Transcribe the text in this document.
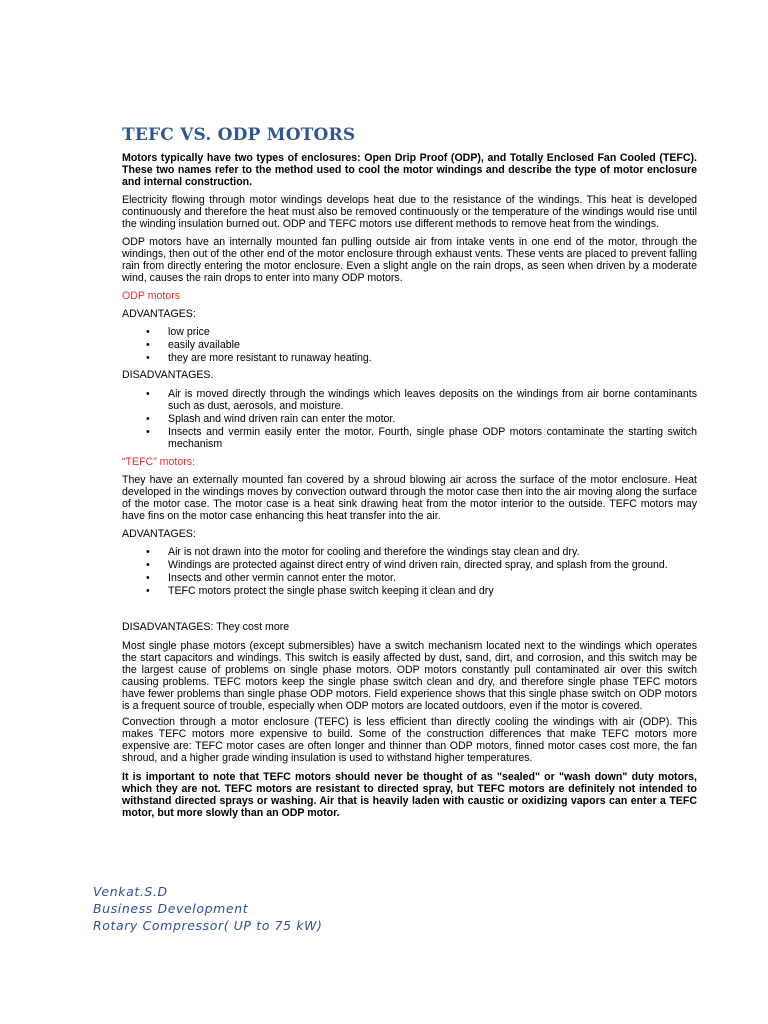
TEFC VS. ODP MOTORS

Motors typically have two types of enclosures: Open Drip Proof (ODP), and Totally Enclosed Fan Cooled (TEFC). These two names refer to the method used to cool the motor windings and describe the type of motor enclosure and internal construction.

Electricity flowing through motor windings develops heat due to the resistance of the windings. This heat is developed continuously and therefore the heat must also be removed continuously or the temperature of the windings would rise until the winding insulation burned out. ODP and TEFC motors use different methods to remove heat from the windings.

ODP motors have an internally mounted fan pulling outside air from intake vents in one end of the motor, through the windings, then out of the other end of the motor enclosure through exhaust vents. These vents are placed to prevent falling rain from directly entering the motor enclosure. Even a slight angle on the rain drops, as seen when driven by a moderate wind, causes the rain drops to enter into many ODP motors.

ODP motors

ADVANTAGES:

• low price
• easily available
• they are more resistant to runaway heating.

DISADVANTAGES.

• Air is moved directly through the windings which leaves deposits on the windings from air borne contaminants such as dust, aerosols, and moisture.
• Splash and wind driven rain can enter the motor.
• Insects and vermin easily enter the motor. Fourth, single phase ODP motors contaminate the starting switch mechanism

“TEFC” motors:

They have an externally mounted fan covered by a shroud blowing air across the surface of the motor enclosure. Heat developed in the windings moves by convection outward through the motor case then into the air moving along the surface of the motor case. The motor case is a heat sink drawing heat from the motor interior to the outside. TEFC motors may have fins on the motor case enhancing this heat transfer into the air.

ADVANTAGES:

• Air is not drawn into the motor for cooling and therefore the windings stay clean and dry.
• Windings are protected against direct entry of wind driven rain, directed spray, and splash from the ground.
• Insects and other vermin cannot enter the motor.
• TEFC motors protect the single phase switch keeping it clean and dry

DISADVANTAGES: They cost more

Most single phase motors (except submersibles) have a switch mechanism located next to the windings which operates the start capacitors and windings. This switch is easily affected by dust, sand, dirt, and corrosion, and this switch may be the largest cause of problems on single phase motors. ODP motors constantly pull contaminated air over this switch causing problems. TEFC motors keep the single phase switch clean and dry, and therefore single phase TEFC motors have fewer problems than single phase ODP motors. Field experience shows that this single phase switch on ODP motors is a frequent source of trouble, especially when ODP motors are located outdoors, even if the motor is covered.

Convection through a motor enclosure (TEFC) is less efficient than directly cooling the windings with air (ODP). This makes TEFC motors more expensive to build. Some of the construction differences that make TEFC motors more expensive are: TEFC motor cases are often longer and thinner than ODP motors, finned motor cases cost more, the fan shroud, and a higher grade winding insulation is used to withstand higher temperatures.

It is important to note that TEFC motors should never be thought of as "sealed" or "wash down" duty motors, which they are not. TEFC motors are resistant to directed spray, but TEFC motors are definitely not intended to withstand directed sprays or washing. Air that is heavily laden with caustic or oxidizing vapors can enter a TEFC motor, but more slowly than an ODP motor.

Venkat.S.D
Business Development
Rotary Compressor( UP to 75 kW)
